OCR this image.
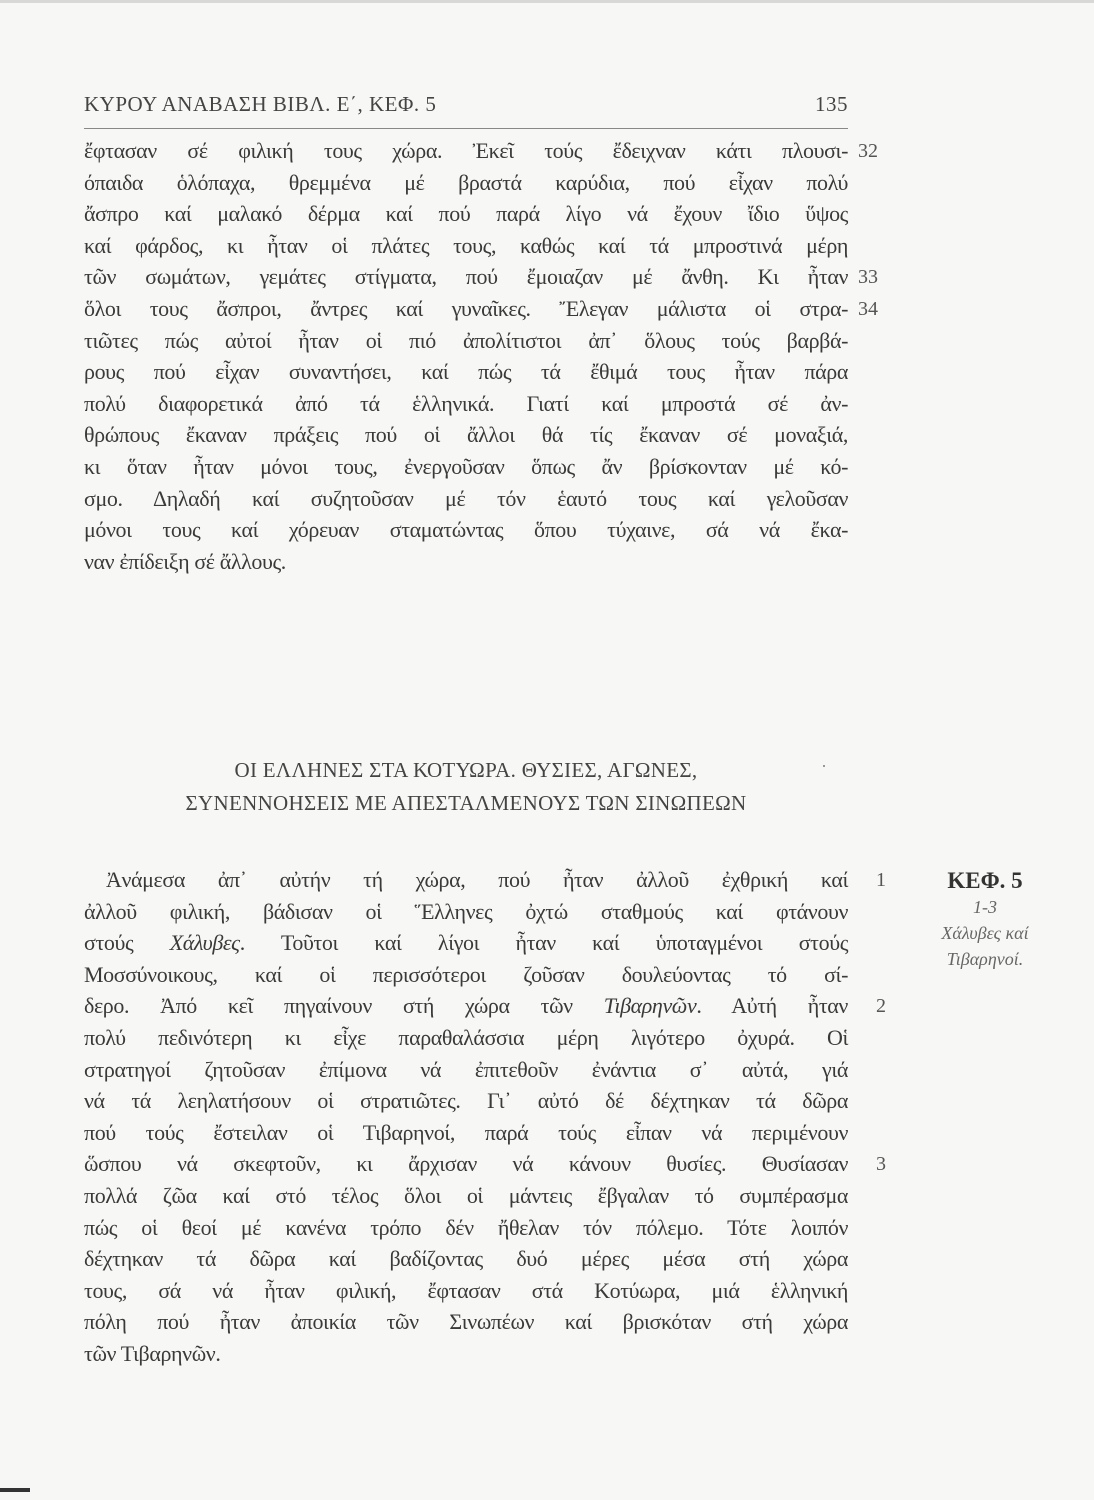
ΚΥΡΟΥ ΑΝΑΒΑΣΗ ΒΙΒΛ. Ε΄, ΚΕΦ. 5	135
ἔφτασαν σέ φιλική τους χώρα. Ἐκεῖ τούς ἔδειχναν κάτι πλουσι-
όπαιδα ὁλόπαχα, θρεμμένα μέ βραστά καρύδια, πού εἶχαν πολύ
ἄσπρο καί μαλακό δέρμα καί πού παρά λίγο νά ἔχουν ἴδιο ὕψος
καί φάρδος, κι ἦταν οἱ πλάτες τους, καθώς καί τά μπροστινά μέρη
τῶν σωμάτων, γεμάτες στίγματα, πού ἔμοιαζαν μέ ἄνθη. Κι ἦταν
ὅλοι τους ἄσπροι, ἄντρες καί γυναῖκες. Ἔλεγαν μάλιστα οἱ στρα-
τιῶτες πώς αὐτοί ἦταν οἱ πιό ἀπολίτιστοι ἀπ᾿ ὅλους τούς βαρβά-
ρους πού εἶχαν συναντήσει, καί πώς τά ἔθιμά τους ἦταν πάρα
πολύ διαφορετικά ἀπό τά ἑλληνικά. Γιατί καί μπροστά σέ ἀν-
θρώπους ἔκαναν πράξεις πού οἱ ἄλλοι θά τίς ἔκαναν σέ μοναξιά,
κι ὅταν ἦταν μόνοι τους, ἐνεργοῦσαν ὅπως ἄν βρίσκονταν μέ κό-
σμο. Δηλαδή καί συζητοῦσαν μέ τόν ἑαυτό τους καί γελοῦσαν
μόνοι τους καί χόρευαν σταματώντας ὅπου τύχαινε, σά νά ἔκα-
ναν ἐπίδειξη σέ ἄλλους.
32
33
34
ΟΙ ΕΛΛΗΝΕΣ ΣΤΑ ΚΟΤΥΩΡΑ. ΘΥΣΙΕΣ, ΑΓΩΝΕΣ,
ΣΥΝΕΝΝΟΗΣΕΙΣ ΜΕ ΑΠΕΣΤΑΛΜΕΝΟΥΣ ΤΩΝ ΣΙΝΩΠΕΩΝ
Ἀνάμεσα ἀπ᾿ αὐτήν τή χώρα, πού ἦταν ἀλλοῦ ἐχθρική καί
ἀλλοῦ φιλική, βάδισαν οἱ Ἕλληνες ὀχτώ σταθμούς καί φτάνουν
στούς Χάλυβες. Τοῦτοι καί λίγοι ἦταν καί ὑποταγμένοι στούς
Μοσσύνοικους, καί οἱ περισσότεροι ζοῦσαν δουλεύοντας τό σί-
δερο. Ἀπό κεῖ πηγαίνουν στή χώρα τῶν Τιβαρηνῶν. Αὐτή ἦταν
πολύ πεδινότερη κι εἶχε παραθαλάσσια μέρη λιγότερο ὀχυρά. Οἱ
στρατηγοί ζητοῦσαν ἐπίμονα νά ἐπιτεθοῦν ἐνάντια σ᾿ αὐτά, γιά
νά τά λεηλατήσουν οἱ στρατιῶτες. Γι᾿ αὐτό δέ δέχτηκαν τά δῶρα
πού τούς ἔστειλαν οἱ Τιβαρηνοί, παρά τούς εἶπαν νά περιμένουν
ὥσπου νά σκεφτοῦν, κι ἄρχισαν νά κάνουν θυσίες. Θυσίασαν
πολλά ζῶα καί στό τέλος ὅλοι οἱ μάντεις ἔβγαλαν τό συμπέρασμα
πώς οἱ θεοί μέ κανένα τρόπο δέν ἤθελαν τόν πόλεμο. Τότε λοιπόν
δέχτηκαν τά δῶρα καί βαδίζοντας δυό μέρες μέσα στή χώρα
τους, σά νά ἦταν φιλική, ἔφτασαν στά Κοτύωρα, μιά ἑλληνική
πόλη πού ἦταν ἀποικία τῶν Σινωπέων καί βρισκόταν στή χώρα
τῶν Τιβαρηνῶν.
1
2
3
ΚΕΦ. 5
1-3
Χάλυβες καί
Τιβαρηνοί.
